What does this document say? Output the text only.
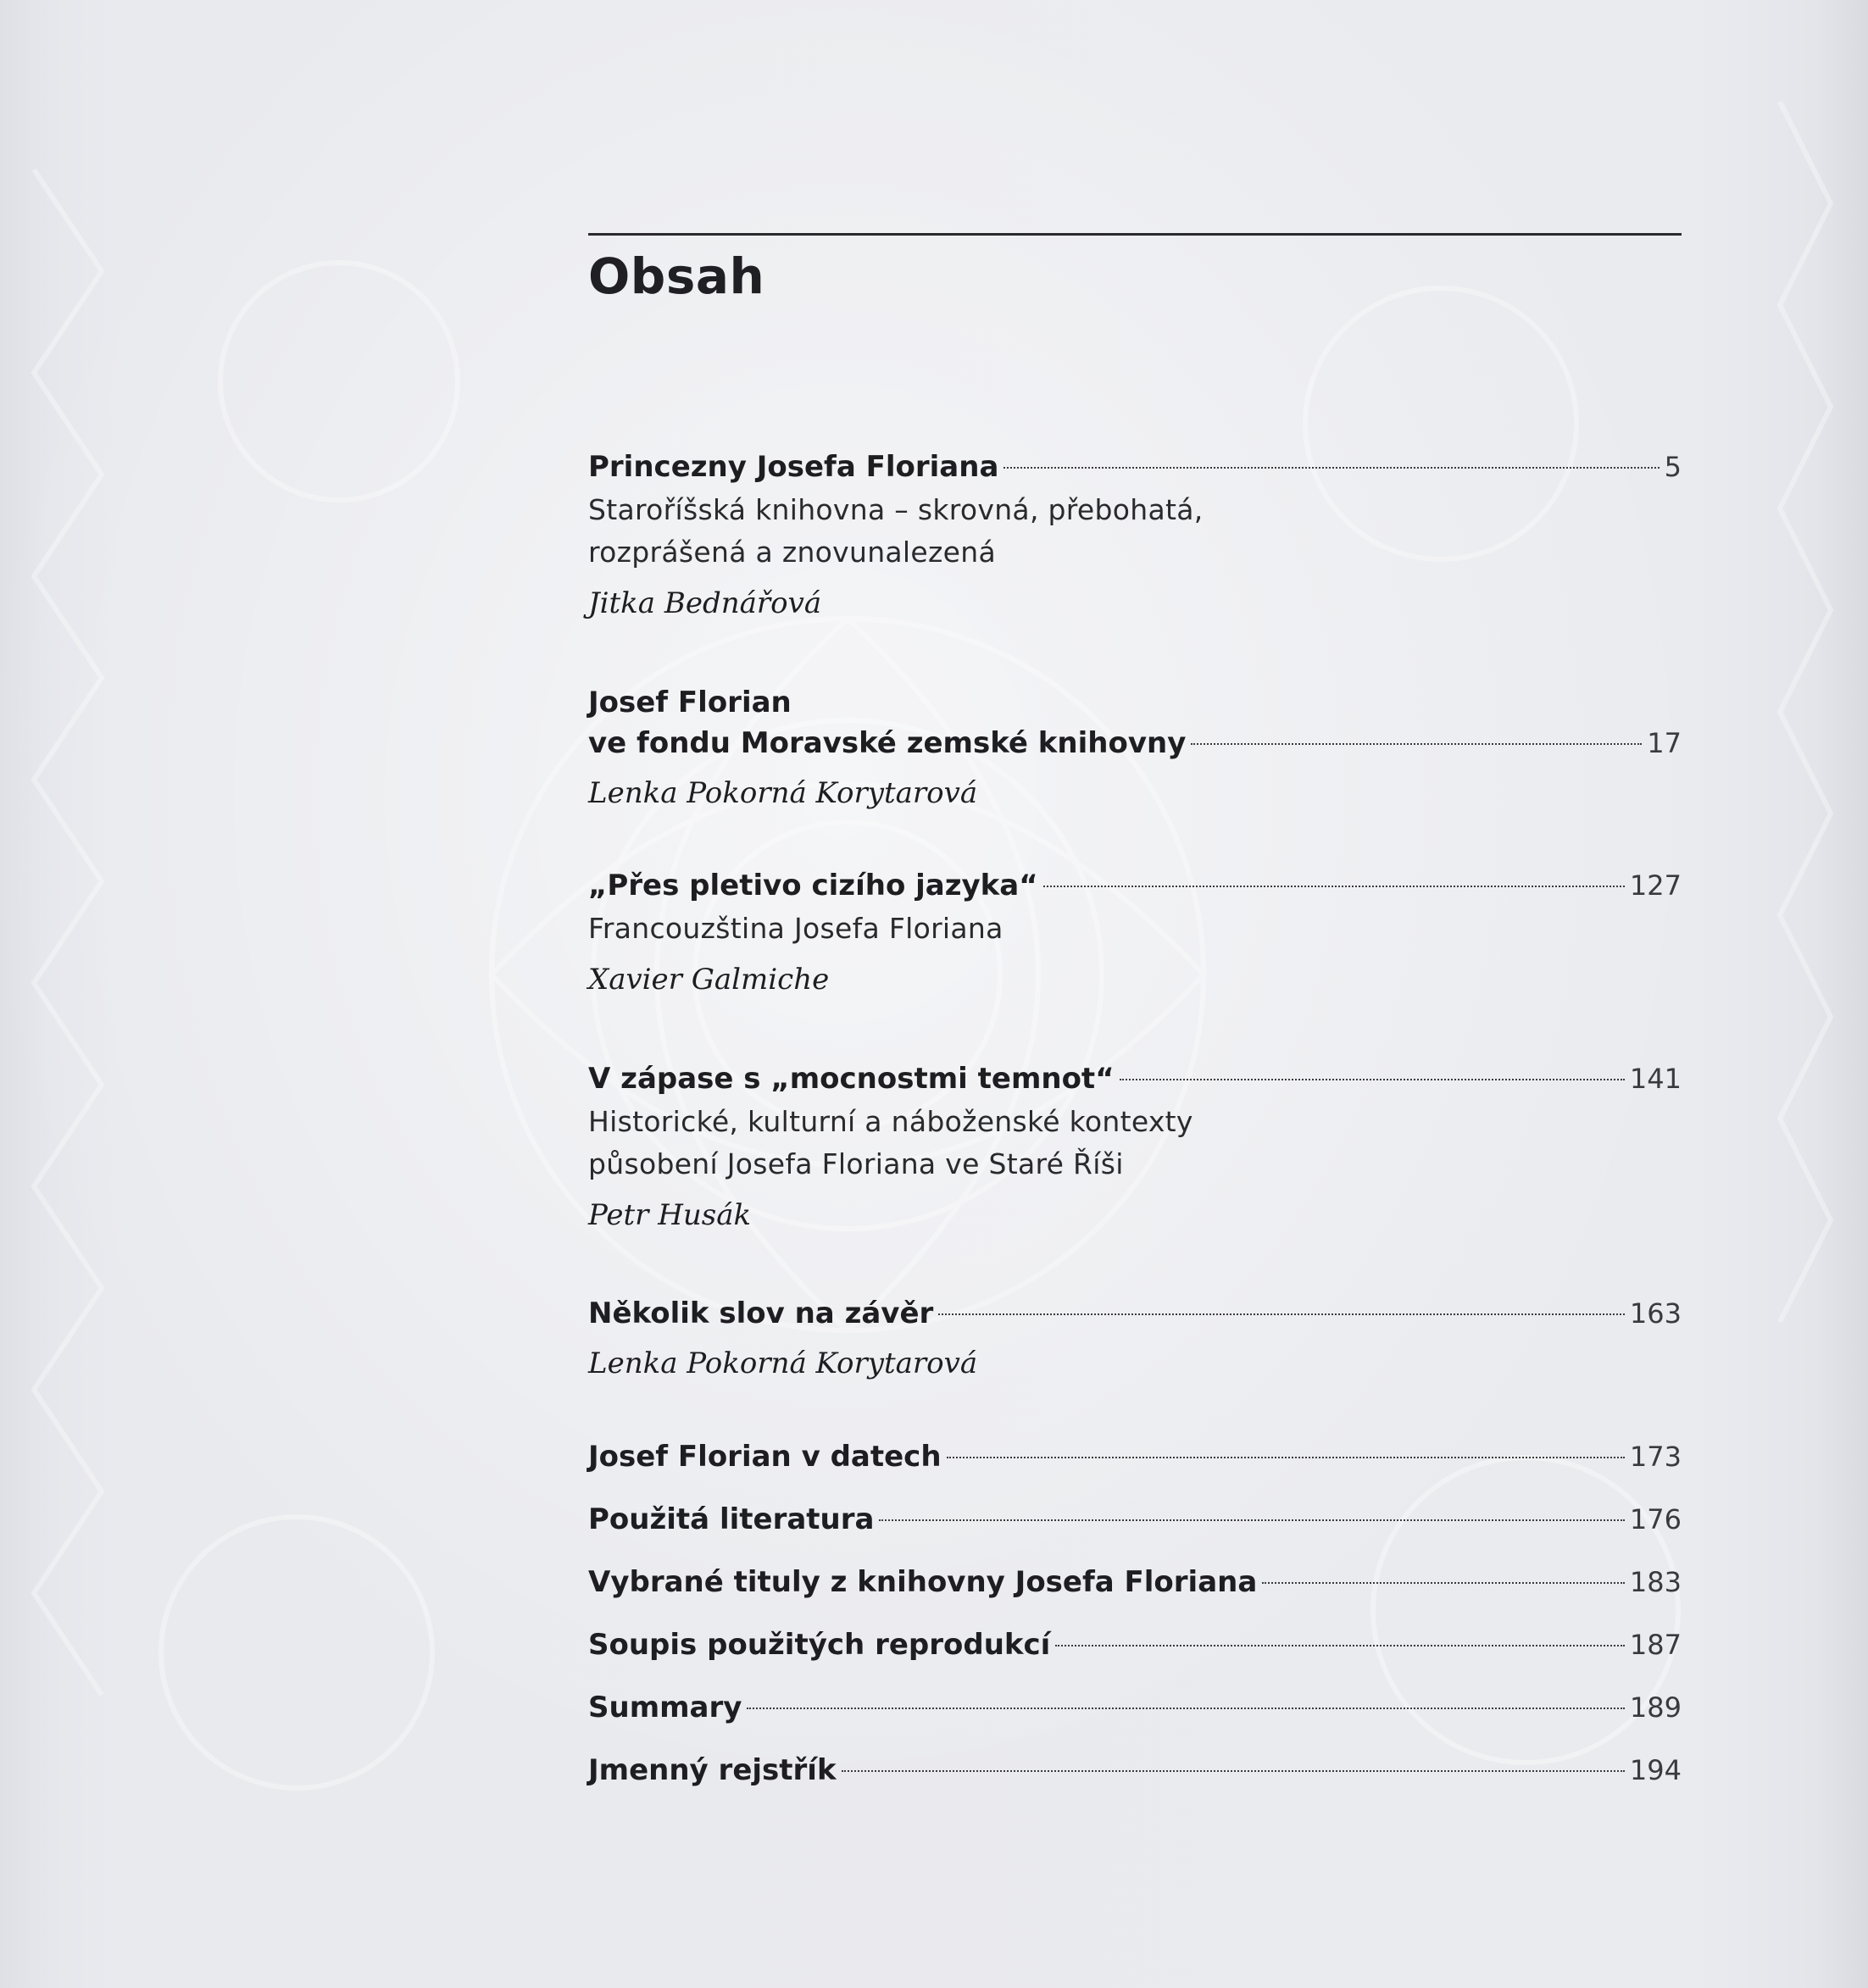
Obsah
Princezny Josefa Floriana	5
Staroříšská knihovna – skrovná, přebohatá,
rozprášená a znovunalezená
Jitka Bednářová
Josef Florian
ve fondu Moravské zemské knihovny	17
Lenka Pokorná Korytarová
„Přes pletivo cizího jazyka“	127
Francouzština Josefa Floriana
Xavier Galmiche
V zápase s „mocnostmi temnot“	141
Historické, kulturní a náboženské kontexty
působení Josefa Floriana ve Staré Říši
Petr Husák
Několik slov na závěr	163
Lenka Pokorná Korytarová
Josef Florian v datech	173
Použitá literatura	176
Vybrané tituly z knihovny Josefa Floriana	183
Soupis použitých reprodukcí	187
Summary	189
Jmenný rejstřík	194
